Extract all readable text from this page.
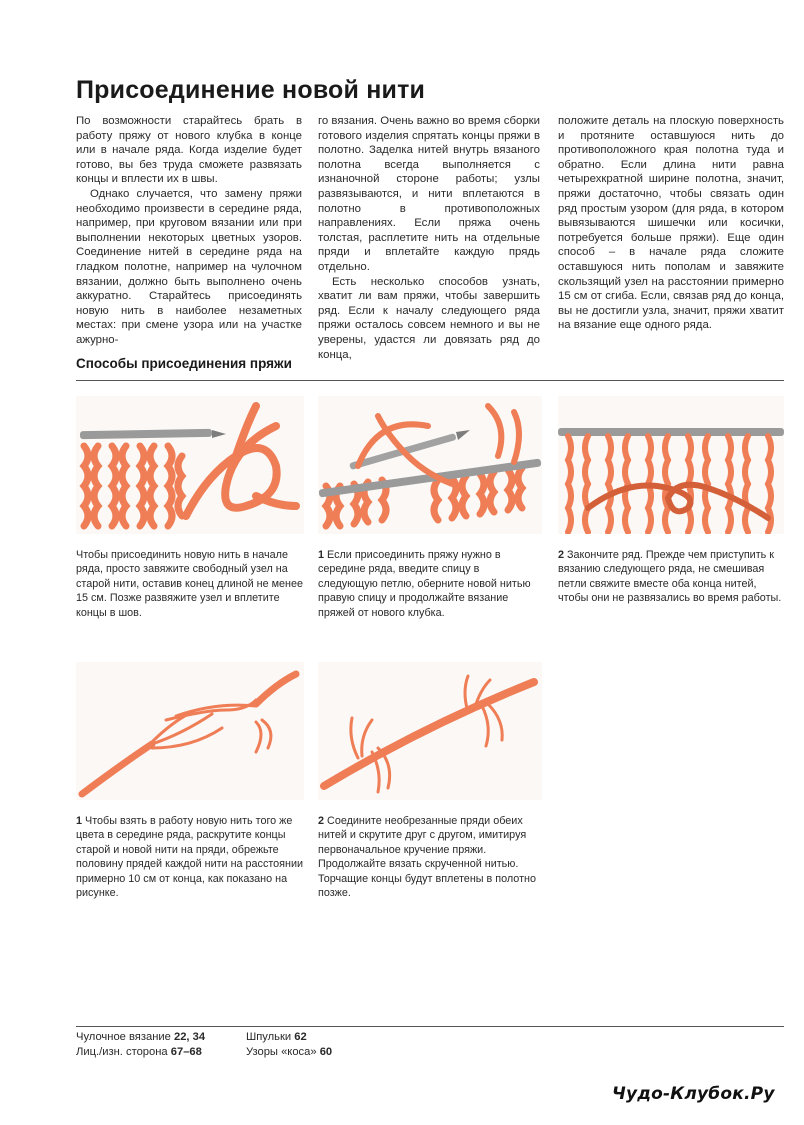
Присоединение новой нити

По возможности старайтесь брать в работу пряжу от нового клубка в конце или в начале ряда. Когда изделие будет готово, вы без труда сможете развязать концы и вплести их в швы.

Однако случается, что замену пряжи необходимо произвести в середине ряда, например, при круговом вязании или при выполнении некоторых цветных узоров. Соединение нитей в середине ряда на гладком полотне, например на чулочном вязании, должно быть выполнено очень аккуратно. Старайтесь присоединять новую нить в наиболее незаметных местах: при смене узора или на участке ажурно-

го вязания. Очень важно во время сборки готового изделия спрятать концы пряжи в полотно. Заделка нитей внутрь вязаного полотна всегда выполняется с изнаночной стороне работы; узлы развязываются, и нити вплетаются в полотно в противоположных направлениях. Если пряжа очень толстая, расплетите нить на отдельные пряди и вплетайте каждую прядь отдельно.

Есть несколько способов узнать, хватит ли вам пряжи, чтобы завершить ряд. Если к началу следующего ряда пряжи осталось совсем немного и вы не уверены, удастся ли довязать ряд до конца,

положите деталь на плоскую поверхность и протяните оставшуюся нить до противоположного края полотна туда и обратно. Если длина нити равна четырехкратной ширине полотна, значит, пряжи достаточно, чтобы связать один ряд простым узором (для ряда, в котором вывязываются шишечки или косички, потребуется больше пряжи). Еще один способ – в начале ряда сложите оставшуюся нить пополам и завяжите скользящий узел на расстоянии примерно 15 см от сгиба. Если, связав ряд до конца, вы не достигли узла, значит, пряжи хватит на вязание еще одного ряда.

Способы присоединения пряжи
Чтобы присоединить новую нить в начале ряда, просто завяжите свободный узел на старой нити, оставив конец длиной не менее 15 см. Позже развяжите узел и вплетите концы в шов.
1 Если присоединить пряжу нужно в середине ряда, введите спицу в следующую петлю, оберните новой нитью правую спицу и продолжайте вязание пряжей от нового клубка.
2 Закончите ряд. Прежде чем приступить к вязанию следующего ряда, не смешивая петли свяжите вместе оба конца нитей, чтобы они не развязались во время работы.
1 Чтобы взять в работу новую нить того же цвета в середине ряда, раскрутите концы старой и новой нити на пряди, обрежьте половину прядей каждой нити на расстоянии примерно 10 см от конца, как показано на рисунке.
2 Соедините необрезанные пряди обеих нитей и скрутите друг с другом, имитируя первоначальное кручение пряжи. Продолжайте вязать скрученной нитью. Торчащие концы будут вплетены в полотно позже.
Чулочное вязание 22, 34
Лиц./изн. сторона 67–68
Шпульки 62
Узоры «коса» 60
Чудо-Клубок.Ру
